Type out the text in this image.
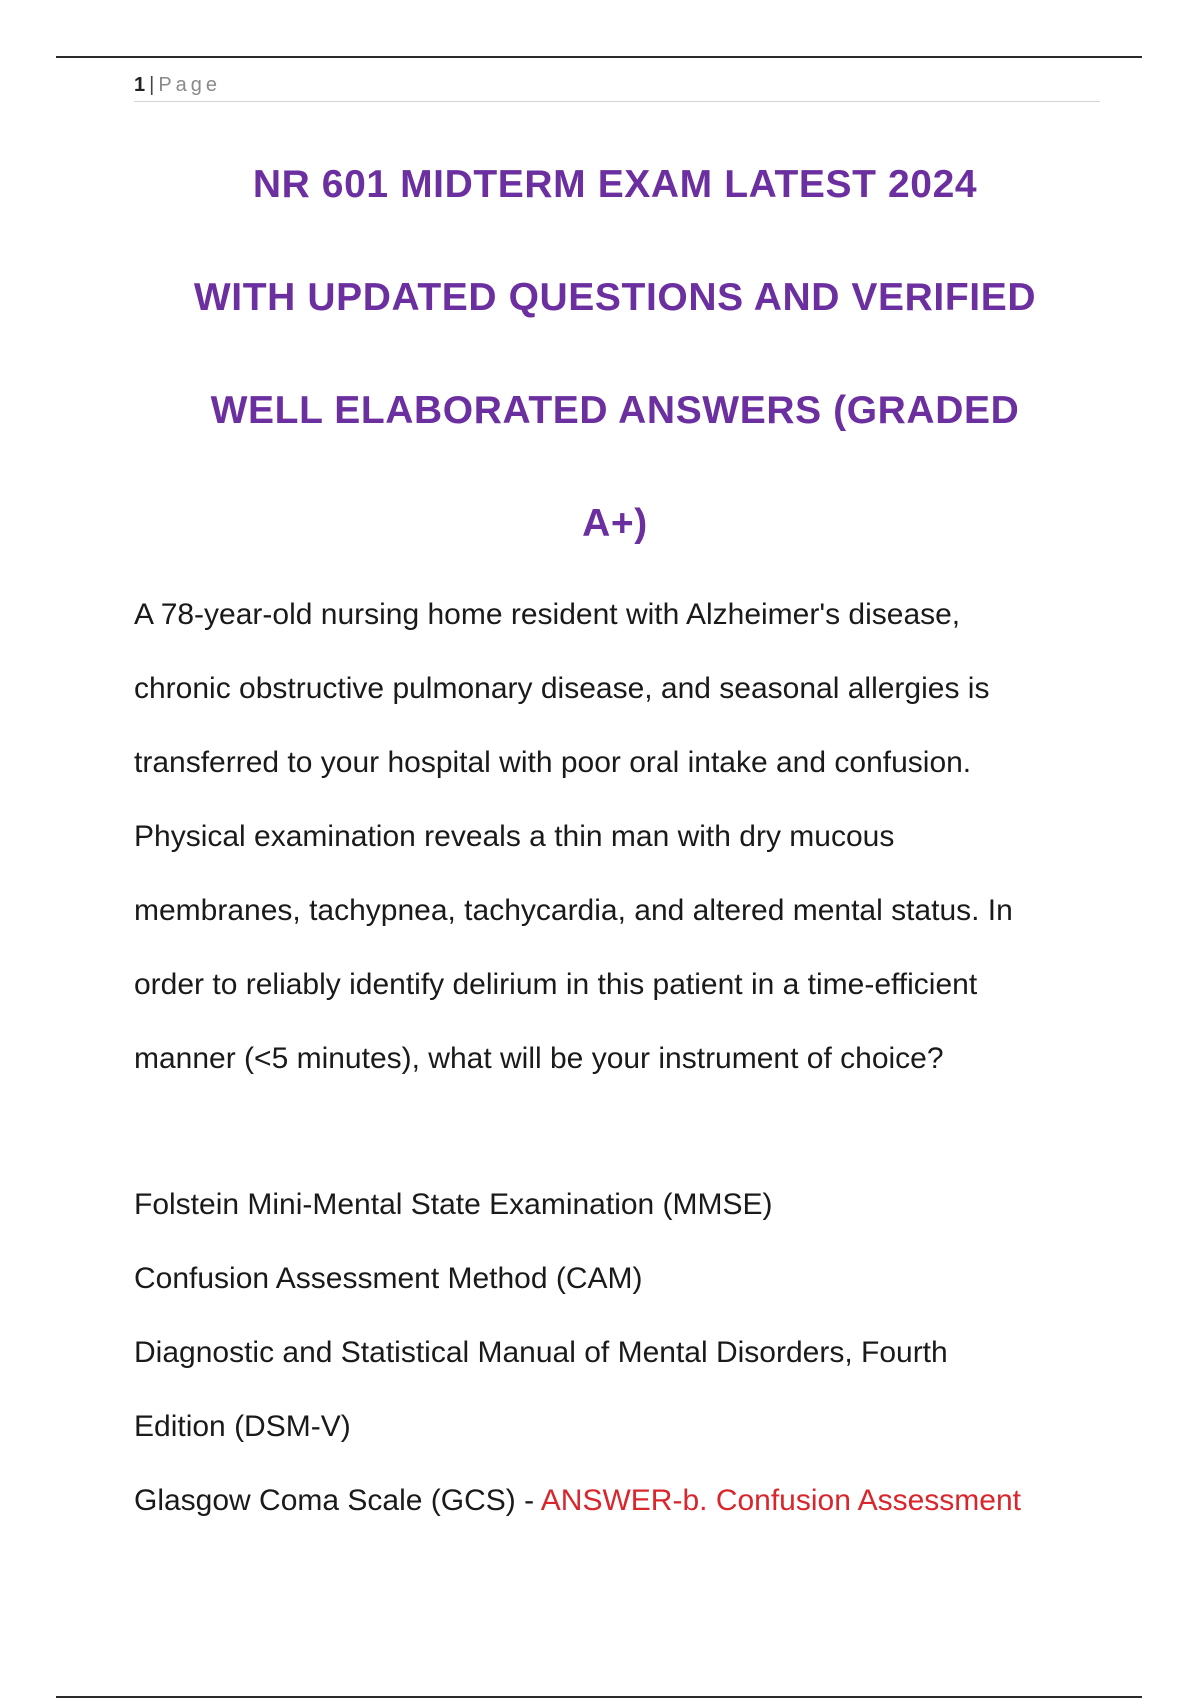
1 | Page
NR 601 MIDTERM EXAM LATEST 2024
WITH UPDATED QUESTIONS AND VERIFIED
WELL ELABORATED ANSWERS (GRADED
A+)

A 78-year-old nursing home resident with Alzheimer's disease,
chronic obstructive pulmonary disease, and seasonal allergies is
transferred to your hospital with poor oral intake and confusion.
Physical examination reveals a thin man with dry mucous
membranes, tachypnea, tachycardia, and altered mental status. In
order to reliably identify delirium in this patient in a time-efficient
manner (<5 minutes), what will be your instrument of choice?

Folstein Mini-Mental State Examination (MMSE)
Confusion Assessment Method (CAM)
Diagnostic and Statistical Manual of Mental Disorders, Fourth
Edition (DSM-V)
Glasgow Coma Scale (GCS) - ANSWER-b. Confusion Assessment
